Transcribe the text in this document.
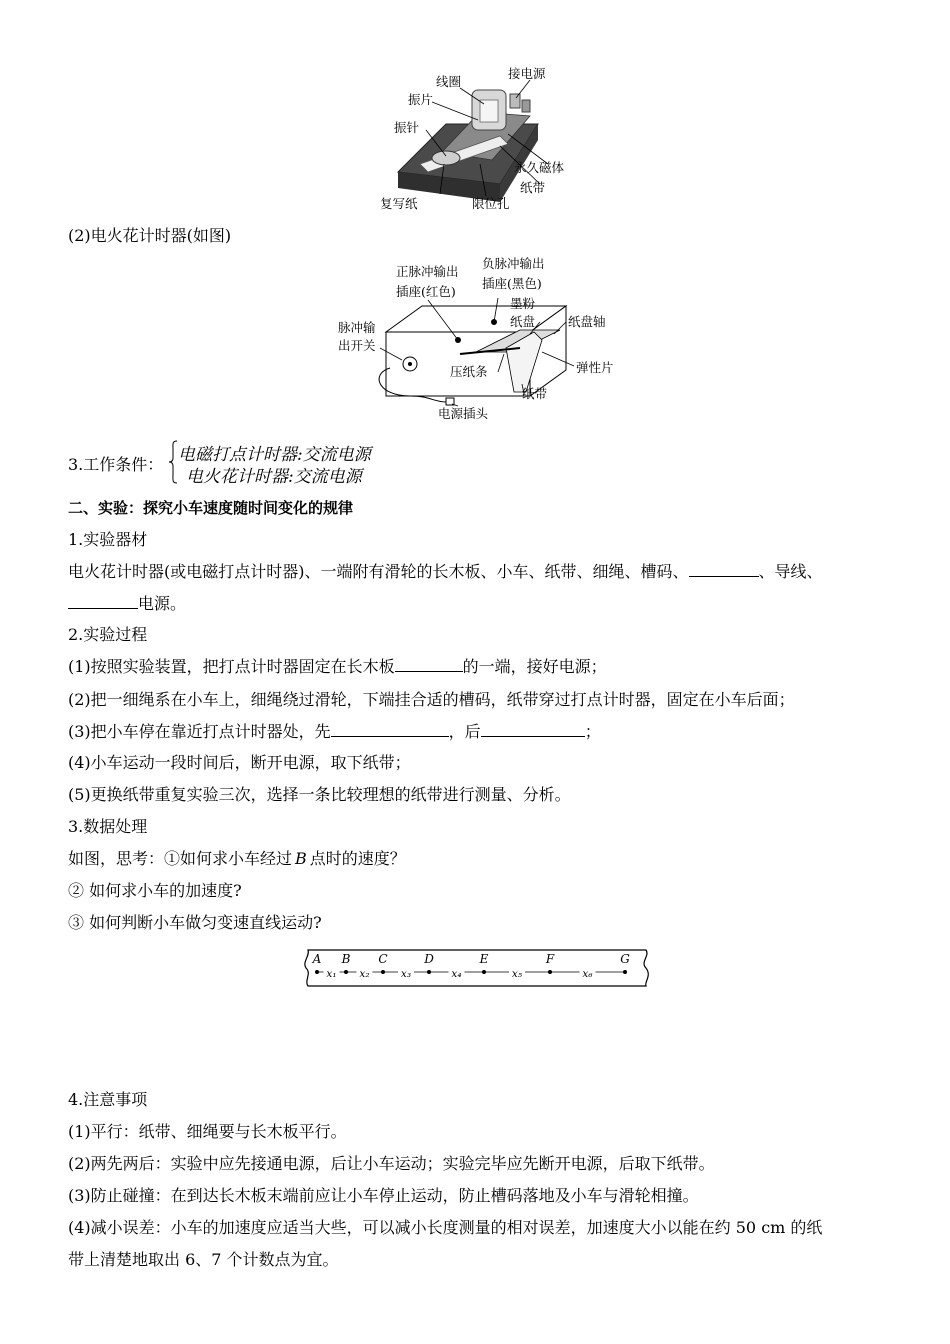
线圈
接电源
振片
振针
永久磁体
纸带
复写纸	限位孔
(2)电火花计时器(如图)
正脉冲输出
插座(红色)
负脉冲输出
插座(黑色)
墨粉
纸盘	纸盘轴
脉冲输
出开关
弹性片
压纸条
纸带
电源插头
3.工作条件： 电磁打点计时器:交流电源
电火花计时器:交流电源
二、实验：探究小车速度随时间变化的规律
1.实验器材
电火花计时器(或电磁打点计时器)、一端附有滑轮的长木板、小车、纸带、细绳、槽码、	、导线、
电源。
2.实验过程
(1)按照实验装置，把打点计时器固定在长木板	的一端，接好电源；
(2)把一细绳系在小车上，细绳绕过滑轮，下端挂合适的槽码，纸带穿过打点计时器，固定在小车后面；
(3)把小车停在靠近打点计时器处，先	，后	；
(4)小车运动一段时间后，断开电源，取下纸带；
(5)更换纸带重复实验三次，选择一条比较理想的纸带进行测量、分析。
3.数据处理
如图，思考：①如何求小车经过 B 点时的速度？
② 如何求小车的加速度?
③ 如何判断小车做匀变速直线运动?
A B C	D	E	F	G
x₁ x₂	x₃	x₄	x₅	x₆
4.注意事项
(1)平行：纸带、细绳要与长木板平行。
(2)两先两后：实验中应先接通电源，后让小车运动；实验完毕应先断开电源，后取下纸带。
(3)防止碰撞：在到达长木板末端前应让小车停止运动，防止槽码落地及小车与滑轮相撞。
(4)减小误差：小车的加速度应适当大些，可以减小长度测量的相对误差，加速度大小以能在约 50 cm 的纸
带上清楚地取出 6、7 个计数点为宜。
